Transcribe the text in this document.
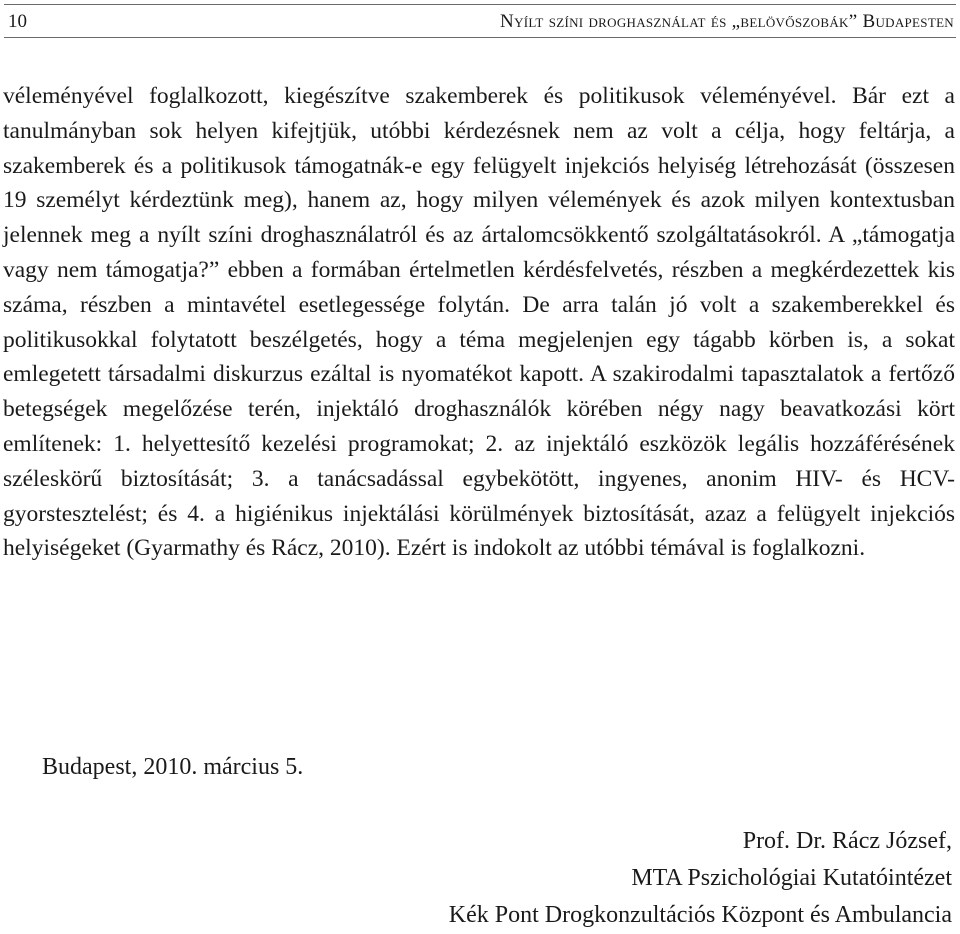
10	Nyílt színi droghasználat és „belövőszobák” Budapesten

véleményével foglalkozott, kiegészítve szakemberek és politikusok véleményével. Bár ezt a tanulmányban sok helyen kifejtjük, utóbbi kérdezésnek nem az volt a célja, hogy feltárja, a szakemberek és a politikusok támogatnák-e egy felügyelt injekciós helyiség létrehozását (összesen 19 személyt kérdeztünk meg), hanem az, hogy milyen vélemények és azok milyen kontextusban jelennek meg a nyílt színi droghasználatról és az ártalomcsökkentő szolgáltatásokról. A „támogatja vagy nem támogatja?” ebben a formában értelmetlen kérdésfelvetés, részben a megkérdezettek kis száma, részben a mintavétel esetlegessége folytán. De arra talán jó volt a szakemberekkel és politikusokkal folytatott beszélgetés, hogy a téma megjelenjen egy tágabb körben is, a sokat emlegetett társadalmi diskurzus ezáltal is nyomatékot kapott. A szakirodalmi tapasztalatok a fertőző betegségek megelőzése terén, injektáló droghasználók körében négy nagy beavatkozási kört említenek: 1. helyettesítő kezelési programokat; 2. az injektáló eszközök legális hozzáférésének széleskörű biztosítását; 3. a tanácsadással egybekötött, ingyenes, anonim HIV- és HCV-gyorstesztelést; és 4. a higiénikus injektálási körülmények biztosítását, azaz a felügyelt injekciós helyiségeket (Gyarmathy és Rácz, 2010). Ezért is indokolt az utóbbi témával is foglalkozni.

Budapest, 2010. március 5.

Prof. Dr. Rácz József,
MTA Pszichológiai Kutatóintézet
Kék Pont Drogkonzultációs Központ és Ambulancia
